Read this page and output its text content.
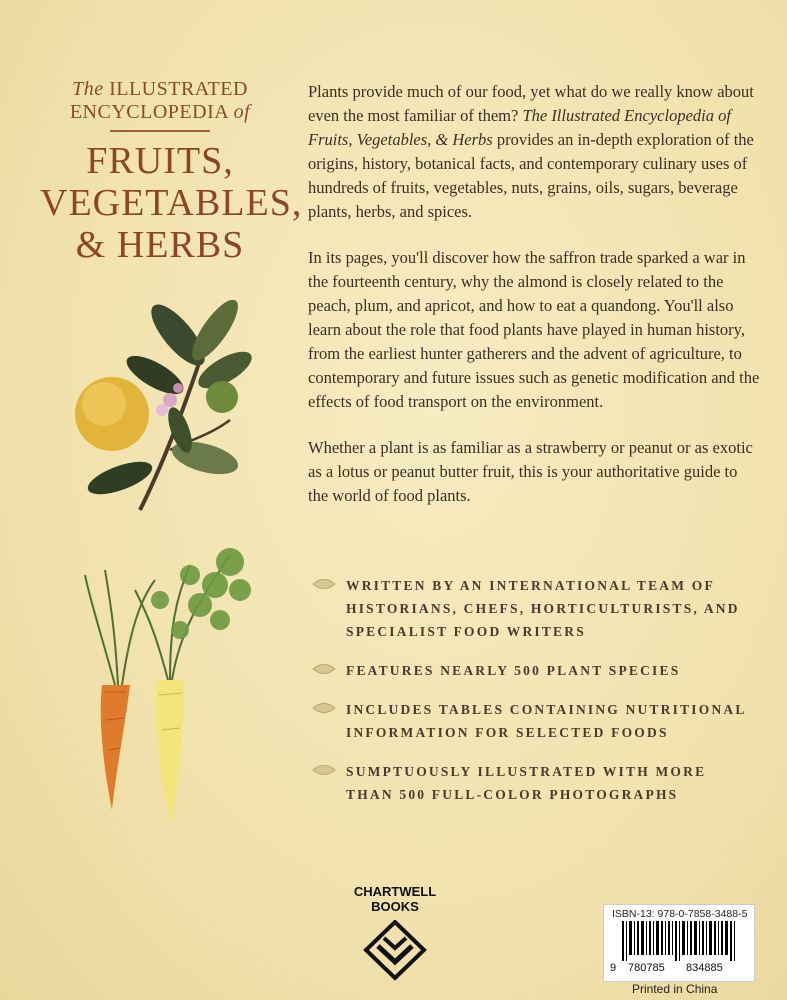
The ILLUSTRATED
ENCYCLOPEDIA of
FRUITS,
VEGETABLES,
& HERBS

Plants provide much of our food, yet what do we really know about even the most familiar of them? The Illustrated Encyclopedia of Fruits, Vegetables, & Herbs provides an in-depth exploration of the origins, history, botanical facts, and contemporary culinary uses of hundreds of fruits, vegetables, nuts, grains, oils, sugars, beverage plants, herbs, and spices.

In its pages, you'll discover how the saffron trade sparked a war in the fourteenth century, why the almond is closely related to the peach, plum, and apricot, and how to eat a quandong. You'll also learn about the role that food plants have played in human history, from the earliest hunter gatherers and the advent of agriculture, to contemporary and future issues such as genetic modification and the effects of food transport on the environment.

Whether a plant is as familiar as a strawberry or peanut or as exotic as a lotus or peanut butter fruit, this is your authoritative guide to the world of food plants.

WRITTEN BY AN INTERNATIONAL TEAM OF HISTORIANS, CHEFS, HORTICULTURISTS, AND SPECIALIST FOOD WRITERS
FEATURES NEARLY 500 PLANT SPECIES
INCLUDES TABLES CONTAINING NUTRITIONAL INFORMATION FOR SELECTED FOODS
SUMPTUOUSLY ILLUSTRATED WITH MORE THAN 500 FULL-COLOR PHOTOGRAPHS
CHARTWELL
BOOKS	ISBN-13: 978-0-7858-3488-5
9 780785 834885
Printed in China
